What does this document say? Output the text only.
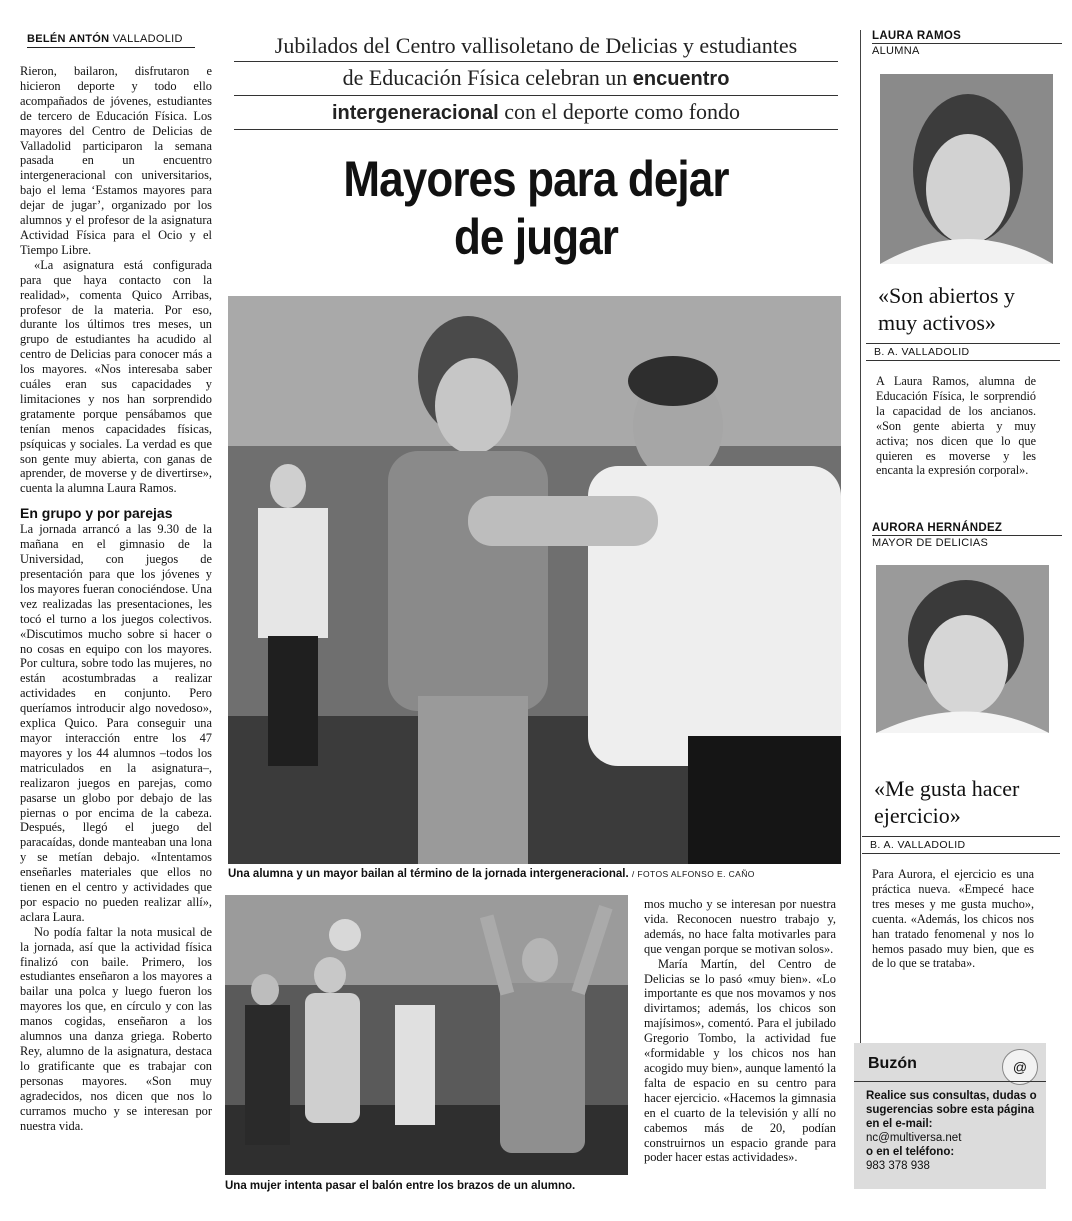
BELÉN ANTÓN VALLADOLID

Rieron, bailaron, disfrutaron e hicieron deporte y todo ello acompañados de jóvenes, estudiantes de tercero de Educación Física. Los mayores del Centro de Delicias de Valladolid participaron la semana pasada en un encuentro intergeneracional con universitarios, bajo el lema ‘Estamos mayores para dejar de jugar’, organizado por los alumnos y el profesor de la asignatura Actividad Física para el Ocio y el Tiempo Libre.

«La asignatura está configurada para que haya contacto con la realidad», comenta Quico Arribas, profesor de la materia. Por eso, durante los últimos tres meses, un grupo de estudiantes ha acudido al centro de Delicias para conocer más a los mayores. «Nos interesaba saber cuáles eran sus capacidades y limitaciones y nos han sorprendido gratamente porque pensábamos que tenían menos capacidades físicas, psíquicas y sociales. La verdad es que son gente muy abierta, con ganas de aprender, de moverse y de divertirse», cuenta la alumna Laura Ramos.

En grupo y por parejas

La jornada arrancó a las 9.30 de la mañana en el gimnasio de la Universidad, con juegos de presentación para que los jóvenes y los mayores fueran conociéndose. Una vez realizadas las presentaciones, les tocó el turno a los juegos colectivos. «Discutimos mucho sobre si hacer o no cosas en equipo con los mayores. Por cultura, sobre todo las mujeres, no están acostumbradas a realizar actividades en conjunto. Pero queríamos introducir algo novedoso», explica Quico. Para conseguir una mayor interacción entre los 47 mayores y los 44 alumnos –todos los matriculados en la asignatura–, realizaron juegos en parejas, como pasarse un globo por debajo de las piernas o por encima de la cabeza. Después, llegó el juego del paracaídas, donde manteaban una lona y se metían debajo. «Intentamos enseñarles materiales que ellos no tienen en el centro y actividades que por espacio no pueden realizar allí», aclara Laura.

No podía faltar la nota musical de la jornada, así que la actividad física finalizó con baile. Primero, los estudiantes enseñaron a los mayores a bailar una polca y luego fueron los mayores los que, en círculo y con las manos cogidas, enseñaron a los alumnos una danza griega. Roberto Rey, alumno de la asignatura, destaca lo gratificante que es trabajar con personas mayores. «Son muy agradecidos, nos dicen que nos lo curramos mucho y se interesan por nuestra vida.

Jubilados del Centro vallisoletano de Delicias y estudiantes
de Educación Física celebran un encuentro
intergeneracional con el deporte como fondo
Mayores para dejar
de jugar
Una alumna y un mayor bailan al término de la jornada intergeneracional. / FOTOS ALFONSO E. CAÑO
Una mujer intenta pasar el balón entre los brazos de un alumno.

mos mucho y se interesan por nuestra vida. Reconocen nuestro trabajo y, además, no hace falta motivarles para que vengan porque se motivan solos».

María Martín, del Centro de Delicias se lo pasó «muy bien». «Lo importante es que nos movamos y nos divirtamos; además, los chicos son majísimos», comentó. Para el jubilado Gregorio Tombo, la actividad fue «formidable y los chicos nos han acogido muy bien», aunque lamentó la falta de espacio en su centro para hacer ejercicio. «Hacemos la gimnasia en el cuarto de la televisión y allí no cabemos más de 20, podían construirnos un espacio grande para poder hacer estas actividades».

LAURA RAMOS
ALUMNA
«Son abiertos y muy activos»
B. A. VALLADOLID
A Laura Ramos, alumna de Educación Física, le sorprendió la capacidad de los ancianos. «Son gente abierta y muy activa; nos dicen que lo que quieren es moverse y les encanta la expresión corporal».
AURORA HERNÁNDEZ
MAYOR DE DELICIAS
«Me gusta hacer ejercicio»
B. A. VALLADOLID
Para Aurora, el ejercicio es una práctica nueva. «Empecé hace tres meses y me gusta mucho», cuenta. «Además, los chicos nos han tratado fenomenal y nos lo hemos pasado muy bien, que es de lo que se trataba».
Buzón	@
Realice sus consultas, dudas o sugerencias sobre esta página en el e-mail:
nc@multiversa.net
o en el teléfono:
983 378 938
